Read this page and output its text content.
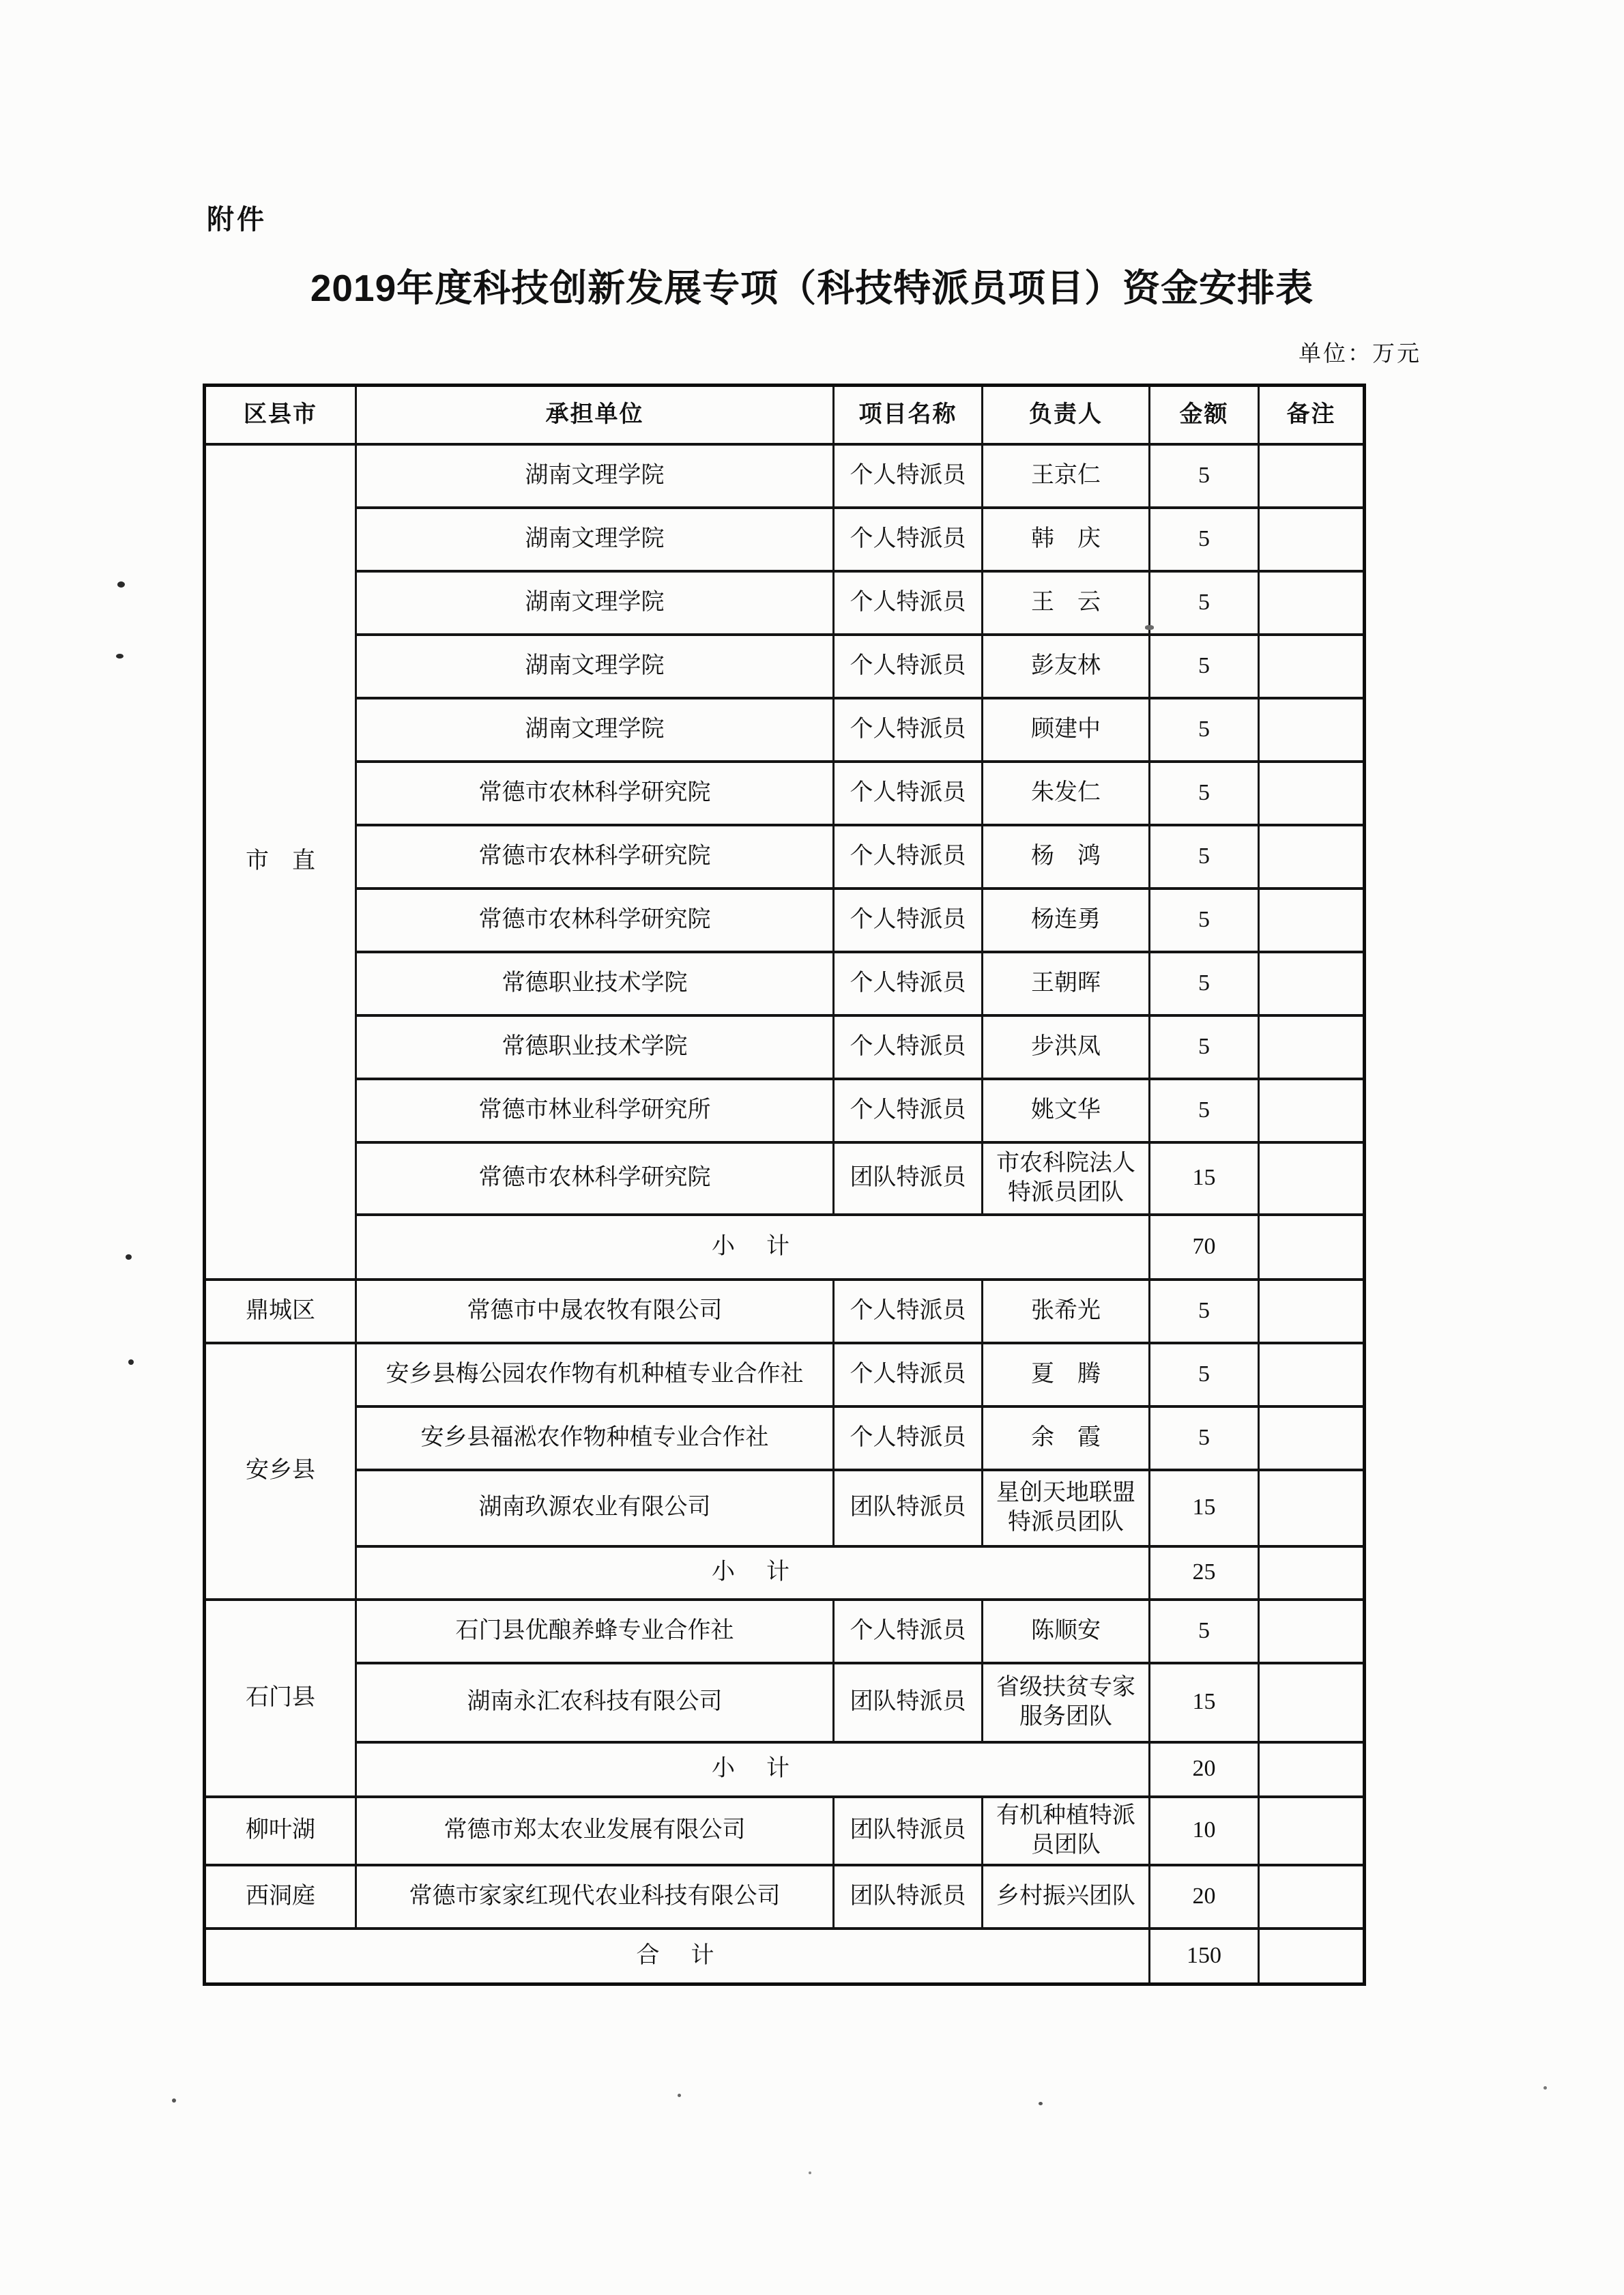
附件
2019年度科技创新发展专项（科技特派员项目）资金安排表
单位：万元
区县市	承担单位	项目名称	负责人	金额	备注
市　直	湖南文理学院	个人特派员	王京仁	5	
	湖南文理学院	个人特派员	韩　庆	5	
	湖南文理学院	个人特派员	王　云	5	
	湖南文理学院	个人特派员	彭友林	5	
	湖南文理学院	个人特派员	顾建中	5	
	常德市农林科学研究院	个人特派员	朱发仁	5	
	常德市农林科学研究院	个人特派员	杨　鸿	5	
	常德市农林科学研究院	个人特派员	杨连勇	5	
	常德职业技术学院	个人特派员	王朝晖	5	
	常德职业技术学院	个人特派员	步洪凤	5	
	常德市林业科学研究所	个人特派员	姚文华	5	
	常德市农林科学研究院	团队特派员	市农科院法人特派员团队	15	
	小　计			70	
鼎城区	常德市中晟农牧有限公司	个人特派员	张希光	5	
安乡县	安乡县梅公园农作物有机种植专业合作社	个人特派员	夏　腾	5	
	安乡县福淞农作物种植专业合作社	个人特派员	余　霞	5	
	湖南玖源农业有限公司	团队特派员	星创天地联盟特派员团队	15	
	小　计			25	
石门县	石门县优酿养蜂专业合作社	个人特派员	陈顺安	5	
	湖南永汇农科技有限公司	团队特派员	省级扶贫专家服务团队	15	
	小　计			20	
柳叶湖	常德市郑太农业发展有限公司	团队特派员	有机种植特派员团队	10	
西洞庭	常德市家家红现代农业科技有限公司	团队特派员	乡村振兴团队	20	
合　计				150	
